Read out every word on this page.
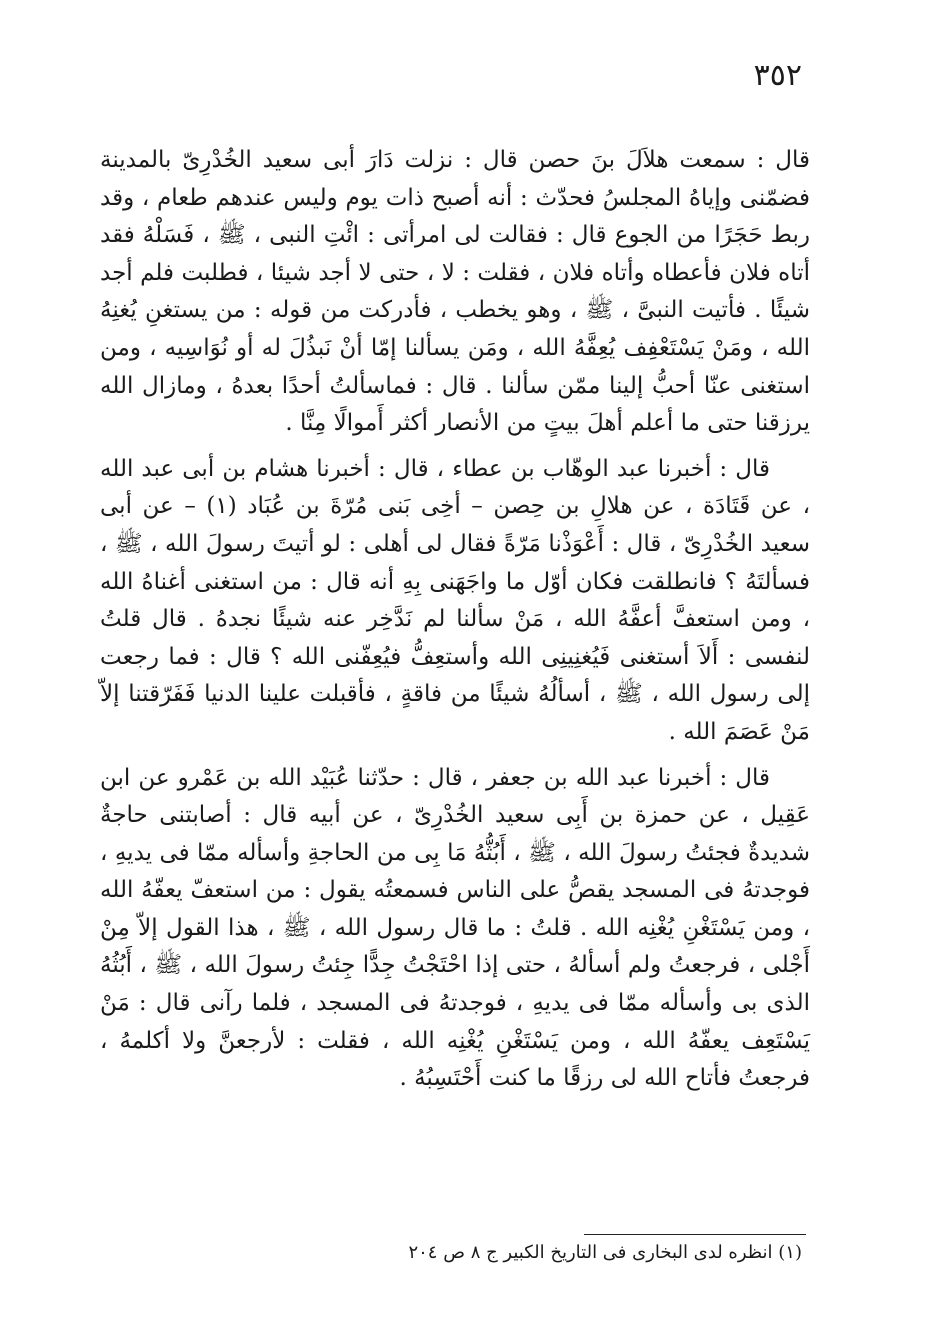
٣٥٢

قال : سمعت هلاَلَ بنَ حصن قال : نزلت دَارَ أبى سعيد الخُدْرِىّ بالمدينة فضمّنى وإياهُ المجلسُ فحدّث : أنه أصبح ذات يوم وليس عندهم طعام ، وقد ربط حَجَرًا من الجوع قال : فقالت لى امرأتى : ائْتِ النبى ، ﷺ ، فَسَلْهُ فقد أتاه فلان فأعطاه وأتاه فلان ، فقلت : لا ، حتى لا أجد شيئا ، فطلبت فلم أجد شيئًا . فأتيت النبىَّ ، ﷺ ، وهو يخطب ، فأدركت من قوله : من يستغنِ يُغنِهُ الله ، ومَنْ يَسْتَعْفِف يُعِفَّهُ الله ، ومَن يسألنا إمّا أنْ نَبذُلَ له أو نُوَاسِيه ، ومن استغنى عنّا أحبُّ إلينا ممّن سألنا . قال : فماسألتُ أحدًا بعدهُ ، ومازال الله يرزقنا حتى ما أعلم أهلَ بيتٍ من الأنصار أكثر أَموالًا مِنَّا .

قال : أخبرنا عبد الوهّاب بن عطاء ، قال : أخبرنا هشام بن أبى عبد الله ، عن قَتَادَة ، عن هلالِ بن حِصن – أخِى بَنى مُرّةَ بن عُبَاد (١) – عن أبى سعيد الخُدْرِىّ ، قال : أَعْوَذْنا مَرّةً فقال لى أهلى : لو أتيتَ رسولَ الله ، ﷺ ، فسألتَهُ ؟ فانطلقت فكان أوّل ما واجَهَنى بِهِ أنه قال : من استغنى أغناهُ الله ، ومن استعفَّ أعفَّهُ الله ، مَنْ سألنا لم نَدَّخِر عنه شيئًا نجدهُ . قال قلتُ لنفسى : أَلاَ أستغنى فَيُغنِينِى الله وأستعِفُّ فيُعِفّنى الله ؟ قال : فما رجعت إلى رسول الله ، ﷺ ، أسألُهُ شيئًا من فاقةٍ ، فأقبلت علينا الدنيا فَفَرّقتنا إلاّ مَنْ عَصَمَ الله .

قال : أخبرنا عبد الله بن جعفر ، قال : حدّثنا عُبَيْد الله بن عَمْرو عن ابن عَقِيل ، عن حمزة بن أَبِى سعيد الخُدْرِىّ ، عن أبيه قال : أصابتنى حاجةٌ شديدةٌ فجئتُ رسولَ الله ، ﷺ ، أَبُثُّهُ مَا بِى من الحاجةِ وأسأله ممّا فى يديهِ ، فوجدتهُ فى المسجد يقصُّ على الناس فسمعتُه يقول : من استعفّ يعفّهُ الله ، ومن يَسْتَغْنِ يُغْنِه الله . قلتُ : ما قال رسول الله ، ﷺ ، هذا القول إلاّ مِنْ أَجْلى ، فرجعتُ ولم أسألهُ ، حتى إذا احْتَجْتُ جِدًّا جِئتُ رسولَ الله ، ﷺ ، أَبُثُهُ الذى بى وأسأله ممّا فى يديهِ ، فوجدتهُ فى المسجد ، فلما رآنى قال : مَنْ يَسْتَعِف يعفّهُ الله ، ومن يَسْتَغْنِ يُغْنِه الله ، فقلت : لأرجعنَّ ولا أكلمهُ ، فرجعتُ فأتاح الله لى رزقًا ما كنت أَحْتَسِبُهُ .

(١) انظره لدى البخارى فى التاريخ الكبير ج ٨ ص ٢٠٤
